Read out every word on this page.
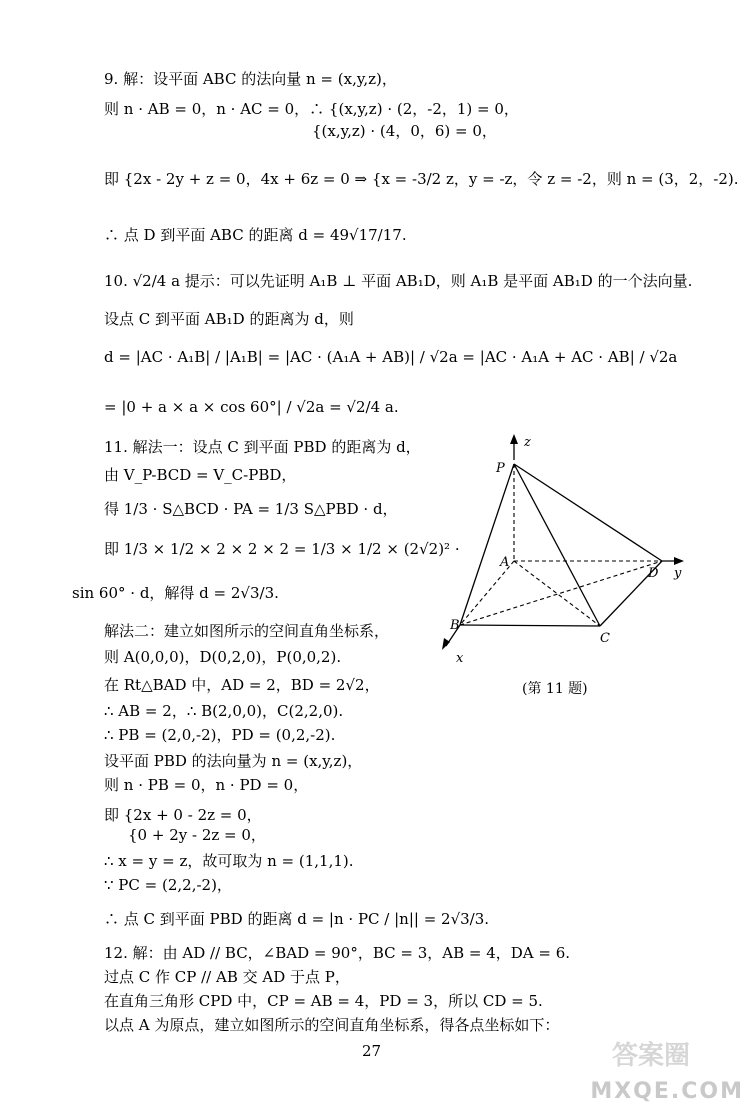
9. 解：设平面 ABC 的法向量 n = (x,y,z)，
则 n · AB = 0，n · AC = 0，∴ {(x,y,z) · (2，-2，1) = 0，
{(x,y,z) · (4，0，6) = 0，
即 {2x - 2y + z = 0，4x + 6z = 0 ⇒ {x = -3/2 z，y = -z，令 z = -2，则 n = (3，2，-2).
∴ 点 D 到平面 ABC 的距离 d = 49√17/17.
10. √2/4 a 提示：可以先证明 A₁B ⊥ 平面 AB₁D，则 A₁B 是平面 AB₁D 的一个法向量.
设点 C 到平面 AB₁D 的距离为 d，则
d = |AC · A₁B| / |A₁B| = |AC · (A₁A + AB)| / √2a = |AC · A₁A + AC · AB| / √2a
= |0 + a × a × cos 60°| / √2a = √2/4 a.
11. 解法一：设点 C 到平面 PBD 的距离为 d，
由 V_P-BCD = V_C-PBD，
得 1/3 · S△BCD · PA = 1/3 S△PBD · d，
即 1/3 × 1/2 × 2 × 2 × 2 = 1/3 × 1/2 × (2√2)² ·
sin 60° · d，解得 d = 2√3/3.
解法二：建立如图所示的空间直角坐标系，
则 A(0,0,0)，D(0,2,0)，P(0,0,2).
在 Rt△BAD 中，AD = 2，BD = 2√2，
∴ AB = 2，∴ B(2,0,0)，C(2,2,0).
∴ PB = (2,0,-2)，PD = (0,2,-2).
设平面 PBD 的法向量为 n = (x,y,z)，
则 n · PB = 0，n · PD = 0，
即 {2x + 0 - 2z = 0，
{0 + 2y - 2z = 0，
∴ x = y = z，故可取为 n = (1,1,1).
∵ PC = (2,2,-2)，
∴ 点 C 到平面 PBD 的距离 d = |n · PC / |n|| = 2√3/3.
12. 解：由 AD // BC，∠BAD = 90°，BC = 3，AB = 4，DA = 6.
过点 C 作 CP // AB 交 AD 于点 P，
在直角三角形 CPD 中，CP = AB = 4，PD = 3，所以 CD = 5.
以点 A 为原点，建立如图所示的空间直角坐标系，得各点坐标如下：
z
P
A
D y
B
C
x
(第 11 题)
27	答案圈
MXQE.COM
